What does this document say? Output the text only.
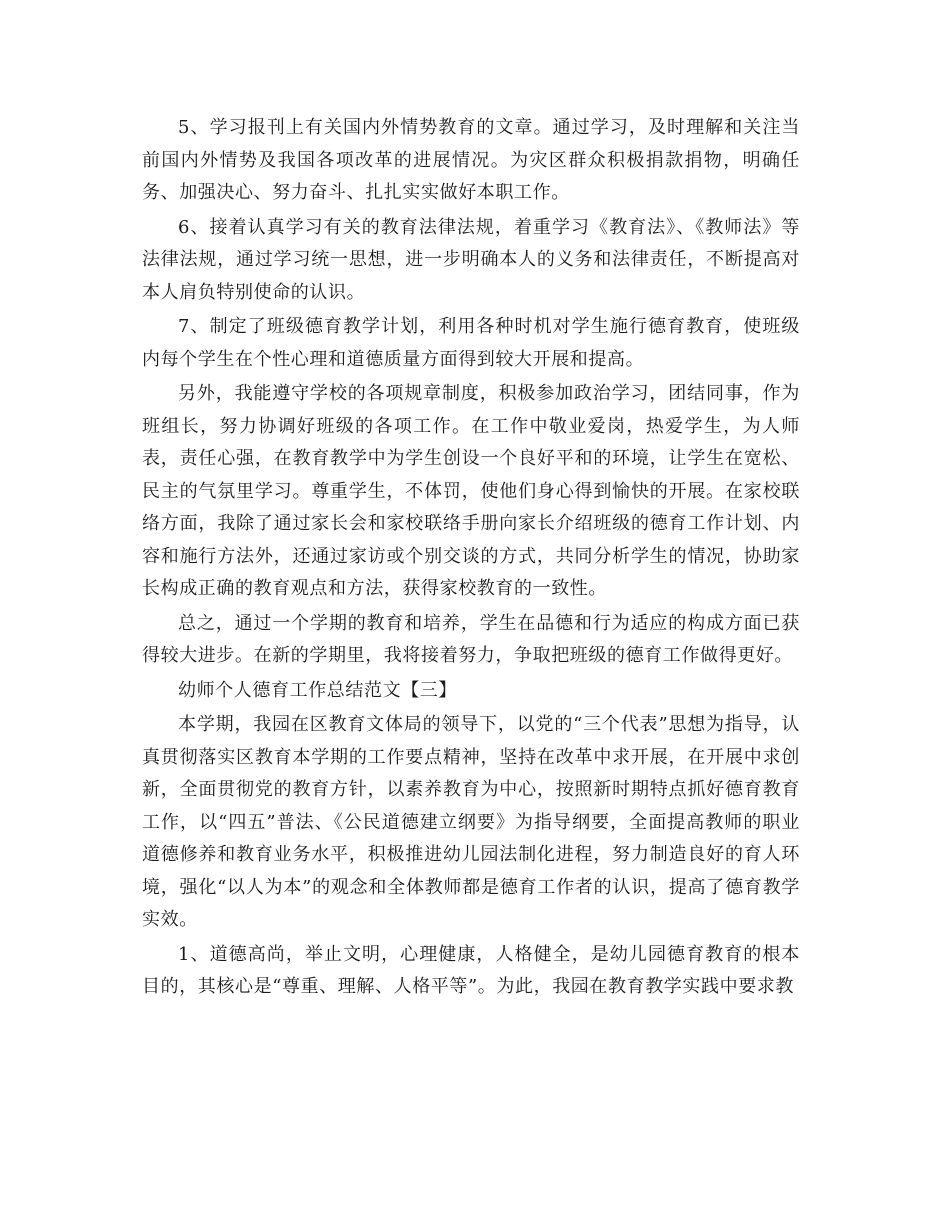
5、学习报刊上有关国内外情势教育的文章。通过学习，及时理解和关注当前国内外情势及我国各项改革的进展情况。为灾区群众积极捐款捐物，明确任务、加强决心、努力奋斗、扎扎实实做好本职工作。

6、接着认真学习有关的教育法律法规，着重学习《教育法》、《教师法》等法律法规，通过学习统一思想，进一步明确本人的义务和法律责任，不断提高对本人肩负特别使命的认识。

7、制定了班级德育教学计划，利用各种时机对学生施行德育教育，使班级内每个学生在个性心理和道德质量方面得到较大开展和提高。

另外，我能遵守学校的各项规章制度，积极参加政治学习，团结同事，作为班组长，努力协调好班级的各项工作。在工作中敬业爱岗，热爱学生，为人师表，责任心强，在教育教学中为学生创设一个良好平和的环境，让学生在宽松、民主的气氛里学习。尊重学生，不体罚，使他们身心得到愉快的开展。在家校联络方面，我除了通过家长会和家校联络手册向家长介绍班级的德育工作计划、内容和施行方法外，还通过家访或个别交谈的方式，共同分析学生的情况，协助家长构成正确的教育观点和方法，获得家校教育的一致性。

总之，通过一个学期的教育和培养，学生在品德和行为适应的构成方面已获得较大进步。在新的学期里，我将接着努力，争取把班级的德育工作做得更好。

幼师个人德育工作总结范文【三】

本学期，我园在区教育文体局的领导下，以党的“三个代表”思想为指导，认真贯彻落实区教育本学期的工作要点精神，坚持在改革中求开展，在开展中求创新，全面贯彻党的教育方针，以素养教育为中心，按照新时期特点抓好德育教育工作，以“四五”普法、《公民道德建立纲要》为指导纲要，全面提高教师的职业道德修养和教育业务水平，积极推进幼儿园法制化进程，努力制造良好的育人环境，强化“以人为本”的观念和全体教师都是德育工作者的认识，提高了德育教学实效。

1、道德高尚，举止文明，心理健康，人格健全，是幼儿园德育教育的根本目的，其核心是“尊重、理解、人格平等”。为此，我园在教育教学实践中要求教
